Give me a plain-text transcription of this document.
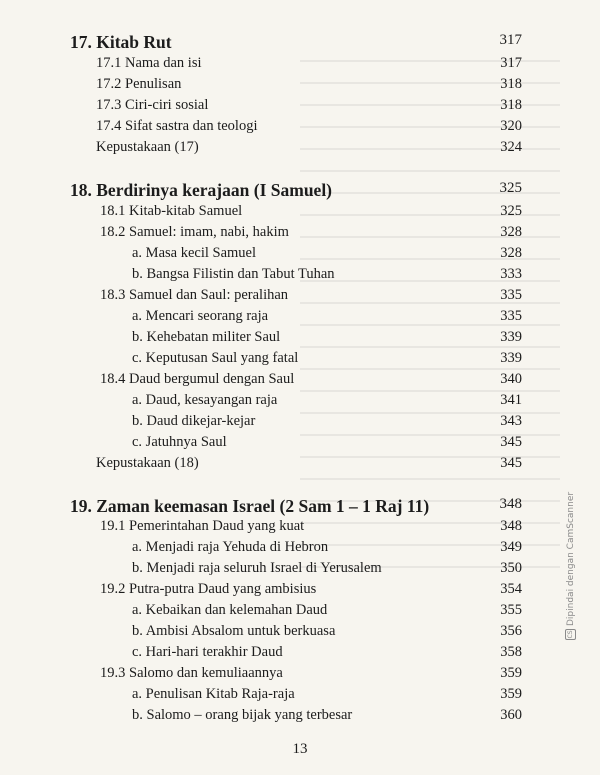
17. Kitab Rut	317
17.1 Nama dan isi	317
17.2 Penulisan	318
17.3 Ciri-ciri sosial	318
17.4 Sifat sastra dan teologi	320
Kepustakaan (17)	324
18. Berdirinya kerajaan (I Samuel)	325
18.1 Kitab-kitab Samuel	325
18.2 Samuel: imam, nabi, hakim	328
a. Masa kecil Samuel	328
b. Bangsa Filistin dan Tabut Tuhan	333
18.3 Samuel dan Saul: peralihan	335
a. Mencari seorang raja	335
b. Kehebatan militer Saul	339
c. Keputusan Saul yang fatal	339
18.4 Daud bergumul dengan Saul	340
a. Daud, kesayangan raja	341
b. Daud dikejar-kejar	343
c. Jatuhnya Saul	345
Kepustakaan (18)	345
19. Zaman keemasan Israel (2 Sam 1 – 1 Raj 11)	348
19.1 Pemerintahan Daud yang kuat	348
a. Menjadi raja Yehuda di Hebron	349
b. Menjadi raja seluruh Israel di Yerusalem	350
19.2 Putra-putra Daud yang ambisius	354
a. Kebaikan dan kelemahan Daud	355
b. Ambisi Absalom untuk berkuasa	356
c. Hari-hari terakhir Daud	358
19.3 Salomo dan kemuliaannya	359
a. Penulisan Kitab Raja-raja	359
b. Salomo – orang bijak yang terbesar	360
13
CSDipindai dengan CamScanner
